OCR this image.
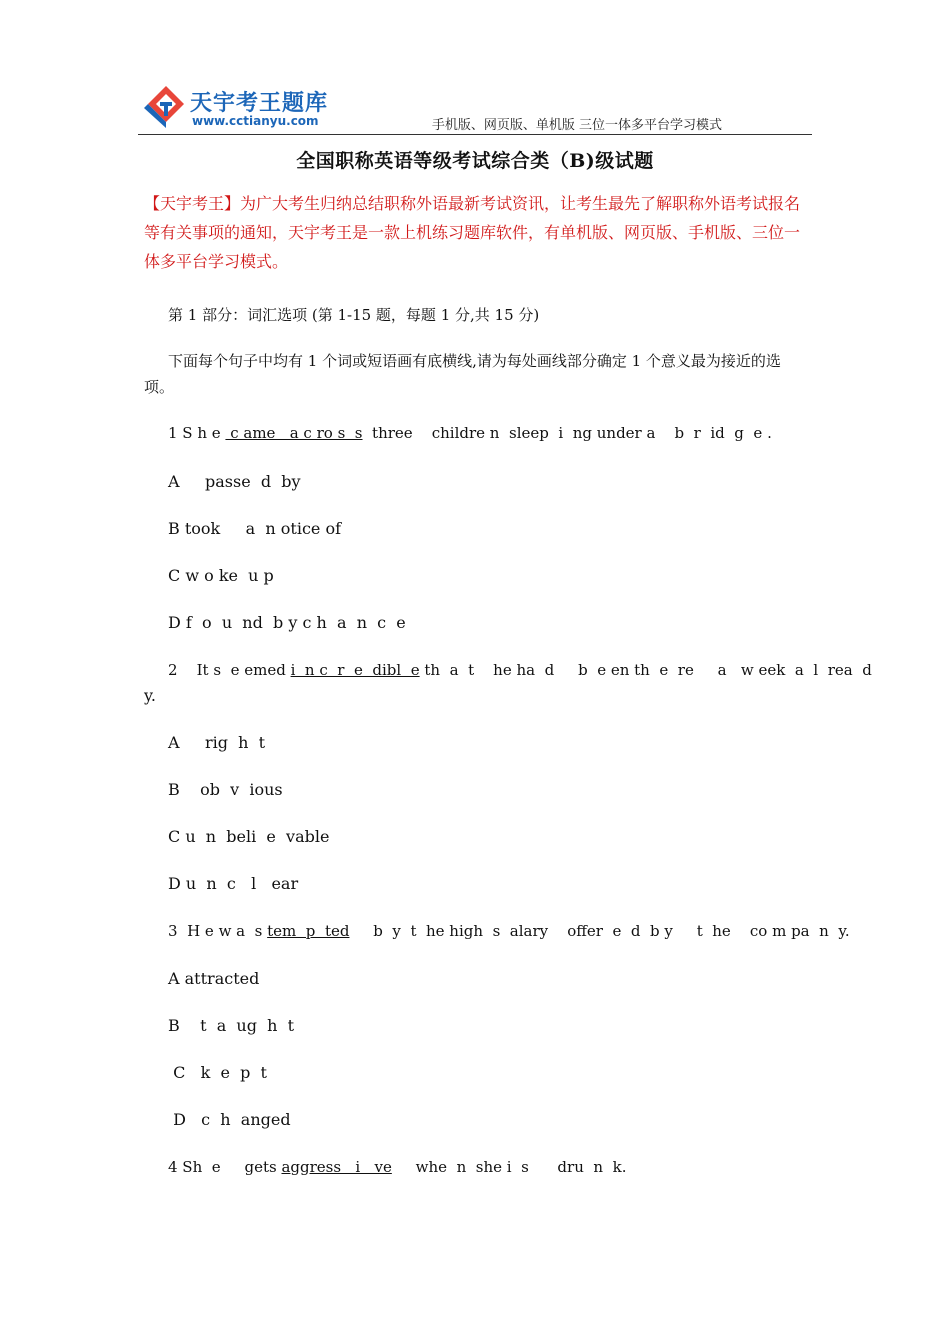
天宇考王题库
www.cctianyu.com	手机版、网页版、单机版 三位一体多平台学习模式
全国职称英语等级考试综合类（B)级试题
【天宇考王】为广大考生归纳总结职称外语最新考试资讯，让考生最先了解职称外语考试报名等有关事项的通知，天宇考王是一款上机练习题库软件，有单机版、网页版、手机版、三位一体多平台学习模式。
第 1 部分：词汇选项 (第 1-15 题，每题 1 分,共 15 分)
下面每个句子中均有 1 个词或短语画有底横线,请为每处画线部分确定 1 个意义最为接近的选项。
1 S h e  c ame   a c ro s  s  three    childre n  sleep  i  ng under a    b  r  id  g  e .
A     passe  d  by
B took     a  n otice of
C w o ke  u p
D f  o  u  nd  b y c h  a  n  c  e
2    It s  e emed i  n c  r  e  dibl  e th  a  t    he ha  d     b  e en th  e  re     a   w eek  a  l  rea  d
y.
A     rig  h  t
B    ob  v  ious
C u  n  beli  e  vable
D u  n  c   l   ear
3  H e w a  s tem  p  ted     b  y  t  he high  s  alary    offer  e  d  b y     t  he    co m pa  n  y.
A attracted
B    t  a  ug  h  t
C   k  e  p  t
D   c  h  anged
4 Sh  e     gets aggress   i   ve     whe  n  she i  s      dru  n  k.
